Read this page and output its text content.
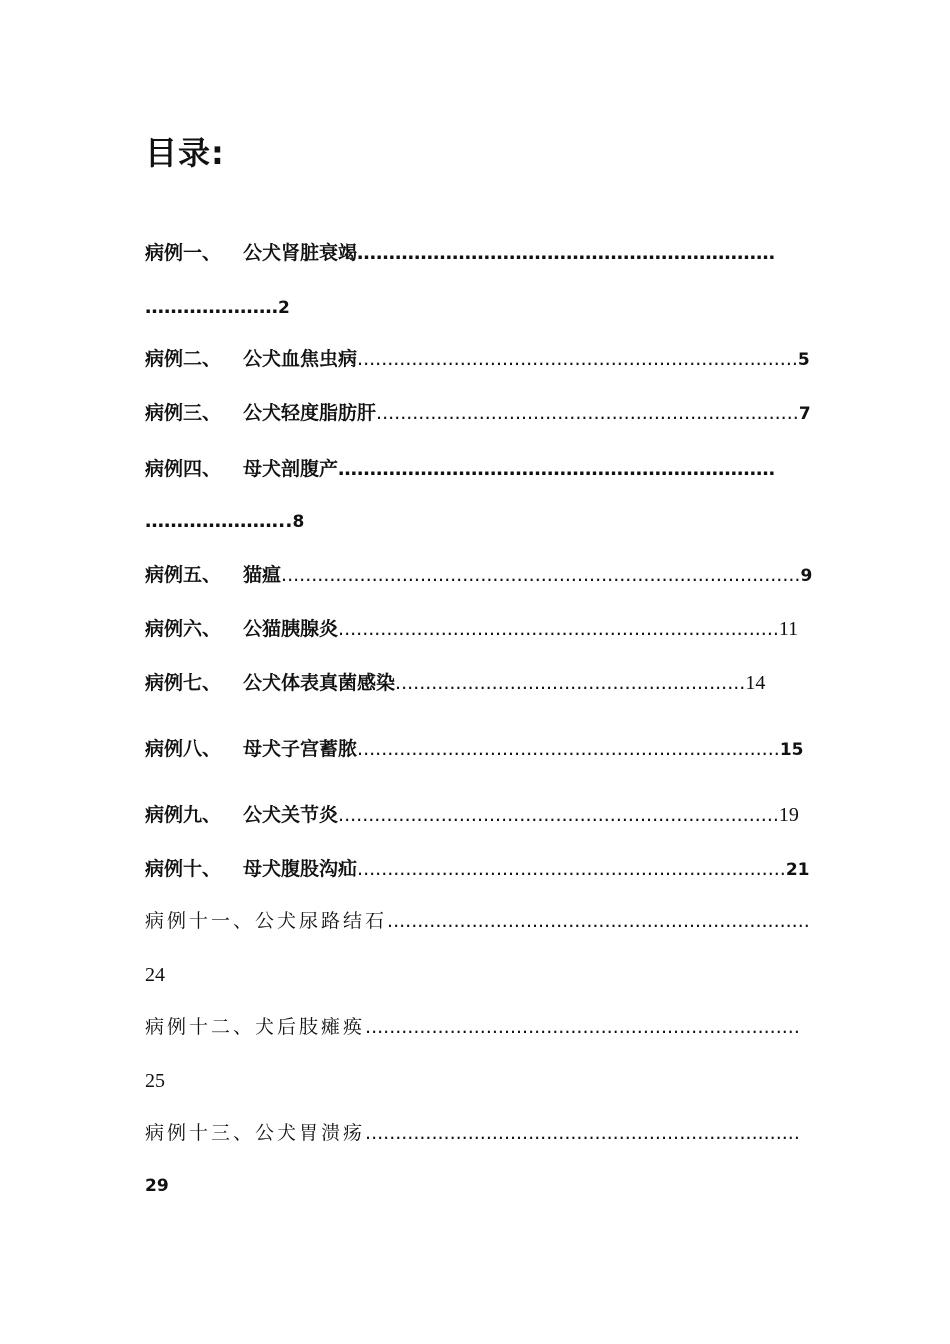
目录:
病例一、 公犬肾脏衰竭…………………………………………………………
…………………2
病例二、 公犬血焦虫病.........................................................................5
病例三、 公犬轻度脂肪肝......................................................................7
病例四、 母犬剖腹产……………………………………………………………
…………………..8
病例五、 猫瘟......................................................................................9
病例六、 公猫胰腺炎.........................................................................11
病例七、 公犬体表真菌感染..........................................................14
病例八、 母犬子宫蓄脓......................................................................15
病例九、 公犬关节炎.........................................................................19
病例十、 母犬腹股沟疝.......................................................................21
病例十一、公犬尿路结石......................................................................
24
病例十二、犬后肢瘫痪........................................................................
25
病例十三、公犬胃溃疡........................................................................
29
